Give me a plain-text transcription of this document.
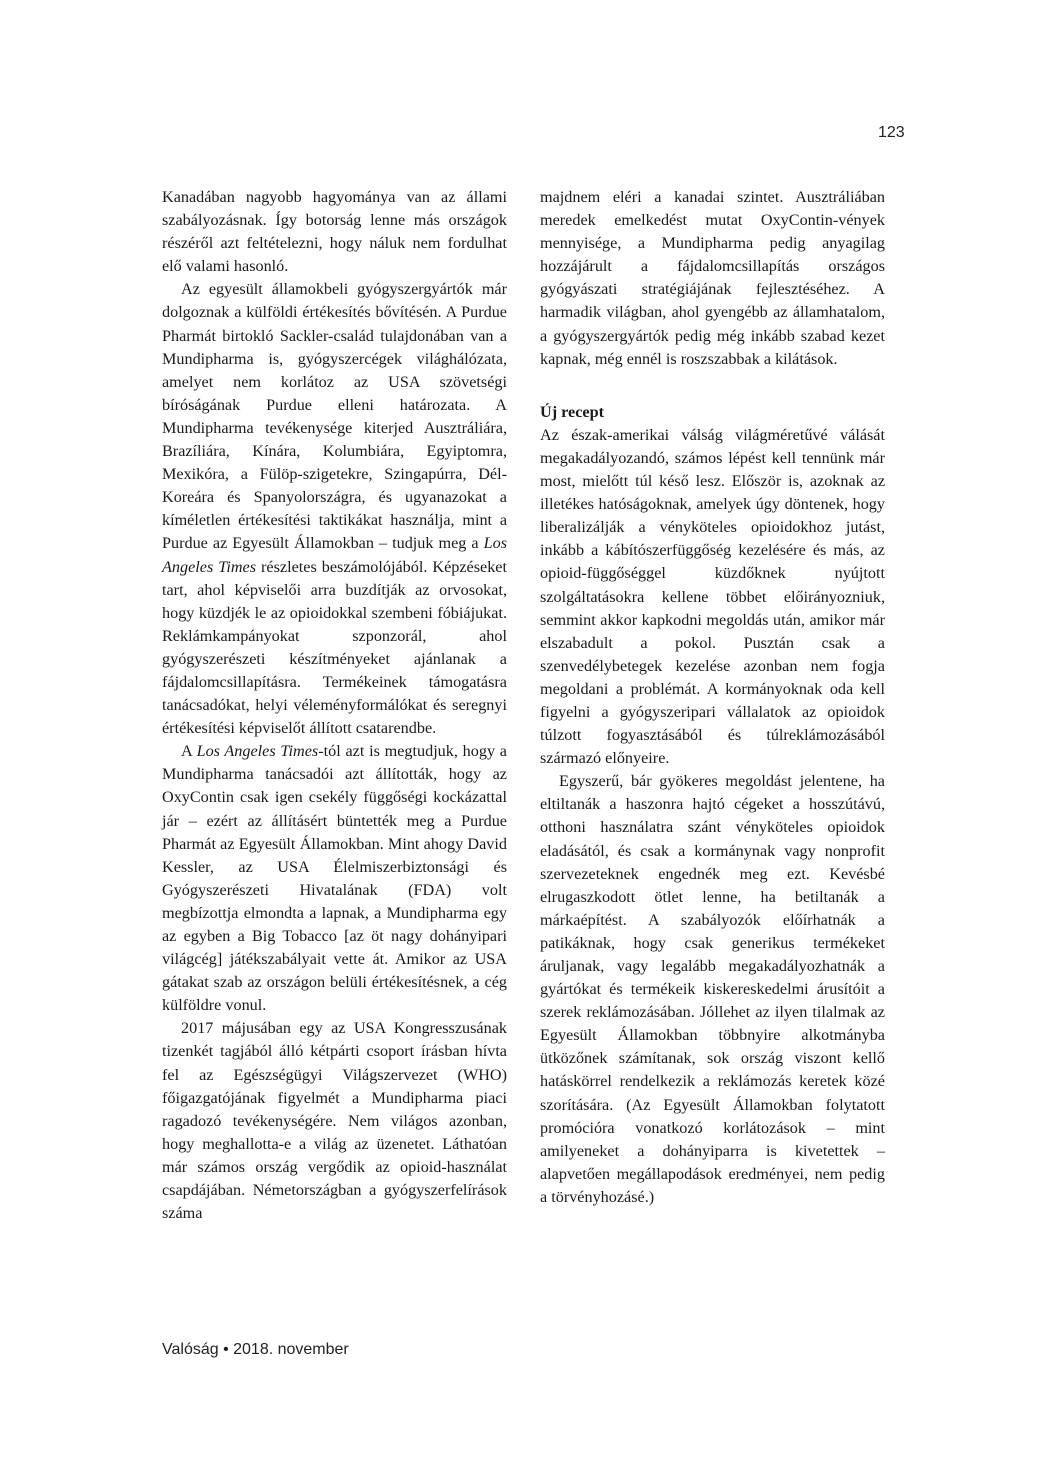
123

Kanadában nagyobb hagyománya van az állami szabályozásnak. Így botorság lenne más országok részéről azt feltételezni, hogy náluk nem fordulhat elő valami hasonló.

Az egyesült államokbeli gyógyszergyártók már dolgoznak a külföldi értékesítés bővítésén. A Purdue Pharmát birtokló Sackler-család tulajdonában van a Mundipharma is, gyógyszercégek világhálózata, amelyet nem korlátoz az USA szövetségi bíróságának Purdue elleni határozata. A Mundipharma tevékenysége kiterjed Ausztráliára, Brazíliára, Kínára, Kolumbiára, Egyiptomra, Mexikóra, a Fülöp-szigetekre, Szingapúrra, Dél-Koreára és Spanyolországra, és ugyanazokat a kíméletlen értékesítési taktikákat használja, mint a Purdue az Egyesült Államokban – tudjuk meg a Los Angeles Times részletes beszámolójából. Képzéseket tart, ahol képviselői arra buzdítják az orvosokat, hogy küzdjék le az opioidokkal szembeni fóbiájukat. Reklámkampányokat szponzorál, ahol gyógyszerészeti készítményeket ajánlanak a fájdalomcsillapításra. Termékeinek támogatásra tanácsadókat, helyi véleményformálókat és seregnyi értékesítési képviselőt állított csatarendbe.

A Los Angeles Times-tól azt is megtudjuk, hogy a Mundipharma tanácsadói azt állították, hogy az OxyContin csak igen csekély függőségi kockázattal jár – ezért az állításért büntették meg a Purdue Pharmát az Egyesült Államokban. Mint ahogy David Kessler, az USA Élelmiszerbiztonsági és Gyógyszerészeti Hivatalának (FDA) volt megbízottja elmondta a lapnak, a Mundipharma egy az egyben a Big Tobacco [az öt nagy dohányipari világcég] játékszabályait vette át. Amikor az USA gátakat szab az országon belüli értékesítésnek, a cég külföldre vonul.

2017 májusában egy az USA Kongresszusának tizenkét tagjából álló kétpárti csoport írásban hívta fel az Egészségügyi Világszervezet (WHO) főigazgatójának figyelmét a Mundipharma piaci ragadozó tevékenységére. Nem világos azonban, hogy meghallotta-e a világ az üzenetet. Láthatóan már számos ország vergődik az opioid-használat csapdájában. Németországban a gyógyszerfelírások száma

majdnem eléri a kanadai szintet. Ausztráliában meredek emelkedést mutat OxyContin-vények mennyisége, a Mundipharma pedig anyagilag hozzájárult a fájdalomcsillapítás országos gyógyászati stratégiájának fejlesztéséhez. A harmadik világban, ahol gyengébb az államhatalom, a gyógyszergyártók pedig még inkább szabad kezet kapnak, még ennél is roszszabbak a kilátások.

Új recept

Az észak-amerikai válság világméretűvé válását megakadályozandó, számos lépést kell tennünk már most, mielőtt túl késő lesz. Először is, azoknak az illetékes hatóságoknak, amelyek úgy döntenek, hogy liberalizálják a vényköteles opioidokhoz jutást, inkább a kábítószerfüggőség kezelésére és más, az opioid-függőséggel küzdőknek nyújtott szolgáltatásokra kellene többet előirányozniuk, semmint akkor kapkodni megoldás után, amikor már elszabadult a pokol. Pusztán csak a szenvedélybetegek kezelése azonban nem fogja megoldani a problémát. A kormányoknak oda kell figyelni a gyógyszeripari vállalatok az opioidok túlzott fogyasztásából és túlreklámozásából származó előnyeire.

Egyszerű, bár gyökeres megoldást jelentene, ha eltiltanák a haszonra hajtó cégeket a hosszútávú, otthoni használatra szánt vényköteles opioidok eladásától, és csak a kormánynak vagy nonprofit szervezeteknek engednék meg ezt. Kevésbé elrugaszkodott ötlet lenne, ha betiltanák a márkaépítést. A szabályozók előírhatnák a patikáknak, hogy csak generikus termékeket áruljanak, vagy legalább megakadályozhatnák a gyártókat és termékeik kiskereskedelmi árusítóit a szerek reklámozásában. Jóllehet az ilyen tilalmak az Egyesült Államokban többnyire alkotmányba ütközőnek számítanak, sok ország viszont kellő hatáskörrel rendelkezik a reklámozás keretek közé szorítására. (Az Egyesült Államokban folytatott promócióra vonatkozó korlátozások – mint amilyeneket a dohányiparra is kivetettek – alapvetően megállapodások eredményei, nem pedig a törvényhozásé.)

Valóság • 2018. november
